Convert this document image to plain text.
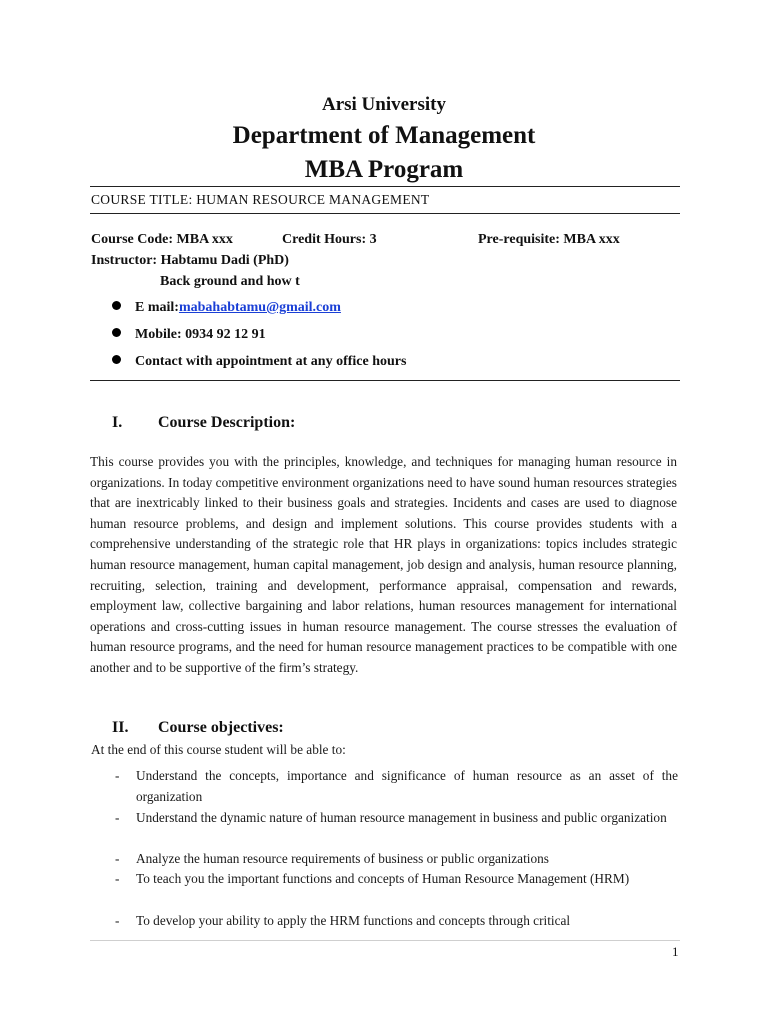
Arsi University
Department of Management
MBA Program
COURSE TITLE: HUMAN RESOURCE MANAGEMENT
Course Code: MBA xxx	Credit Hours: 3	Pre-requisite: MBA xxx
Instructor: Habtamu Dadi (PhD)
Back ground and how t
E mail:mabahabtamu@gmail.com
Mobile: 0934 92 12 91
Contact with appointment at any office hours
I. Course Description:
This course provides you with the principles, knowledge, and techniques for managing human resource in organizations. In today competitive environment organizations need to have sound human resources strategies that are inextricably linked to their business goals and strategies. Incidents and cases are used to diagnose human resource problems, and design and implement solutions. This course provides students with a comprehensive understanding of the strategic role that HR plays in organizations: topics includes strategic human resource management, human capital management, job design and analysis, human resource planning, recruiting, selection, training and development, performance appraisal, compensation and rewards, employment law, collective bargaining and labor relations, human resources management for international operations and cross-cutting issues in human resource management. The course stresses the evaluation of human resource programs, and the need for human resource management practices to be compatible with one another and to be supportive of the firm’s strategy.
II. Course objectives:
At the end of this course student will be able to:
- Understand the concepts, importance and significance of human resource as an asset of the organization
- Understand the dynamic nature of human resource management in business and public organization
- Analyze the human resource requirements of business or public organizations
- To teach you the important functions and concepts of Human Resource Management (HRM)
- To develop your ability to apply the HRM functions and concepts through critical
1
